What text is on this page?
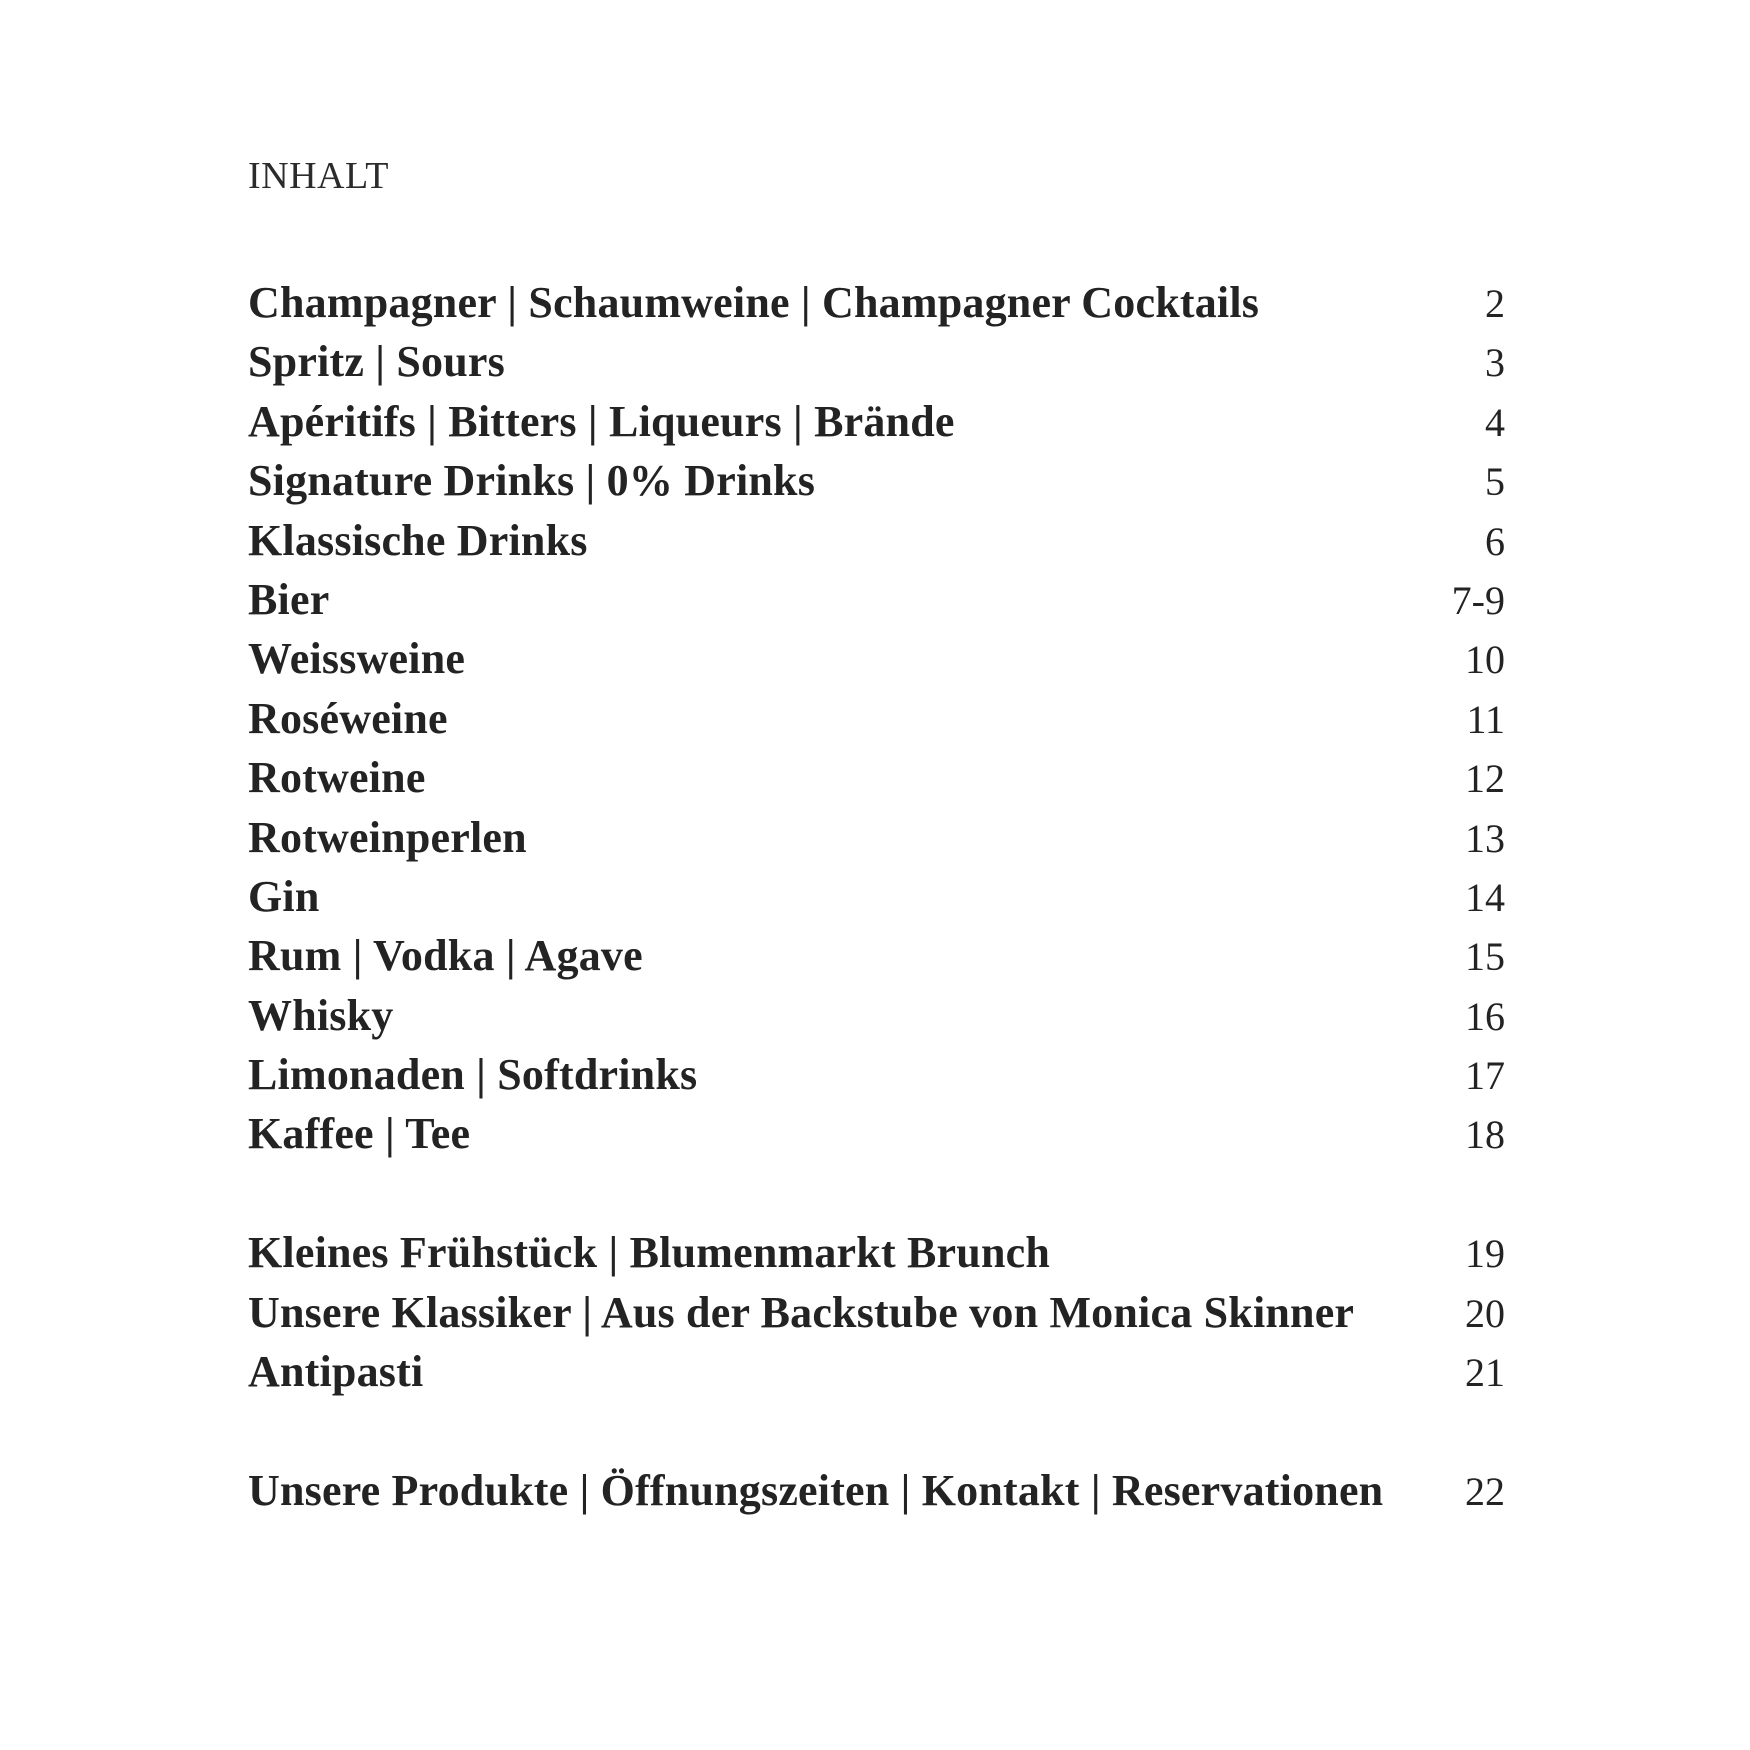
INHALT
Champagner | Schaumweine | Champagner Cocktails	2
Spritz | Sours	3
Apéritifs | Bitters | Liqueurs | Brände	4
Signature Drinks | 0% Drinks	5
Klassische Drinks	6
Bier	7-9
Weissweine	10
Roséweine	11
Rotweine	12
Rotweinperlen	13
Gin	14
Rum | Vodka | Agave	15
Whisky	16
Limonaden | Softdrinks	17
Kaffee | Tee	18
Kleines Frühstück | Blumenmarkt Brunch	19
Unsere Klassiker | Aus der Backstube von Monica Skinner	20
Antipasti	21
Unsere Produkte | Öffnungszeiten | Kontakt | Reservationen	22
